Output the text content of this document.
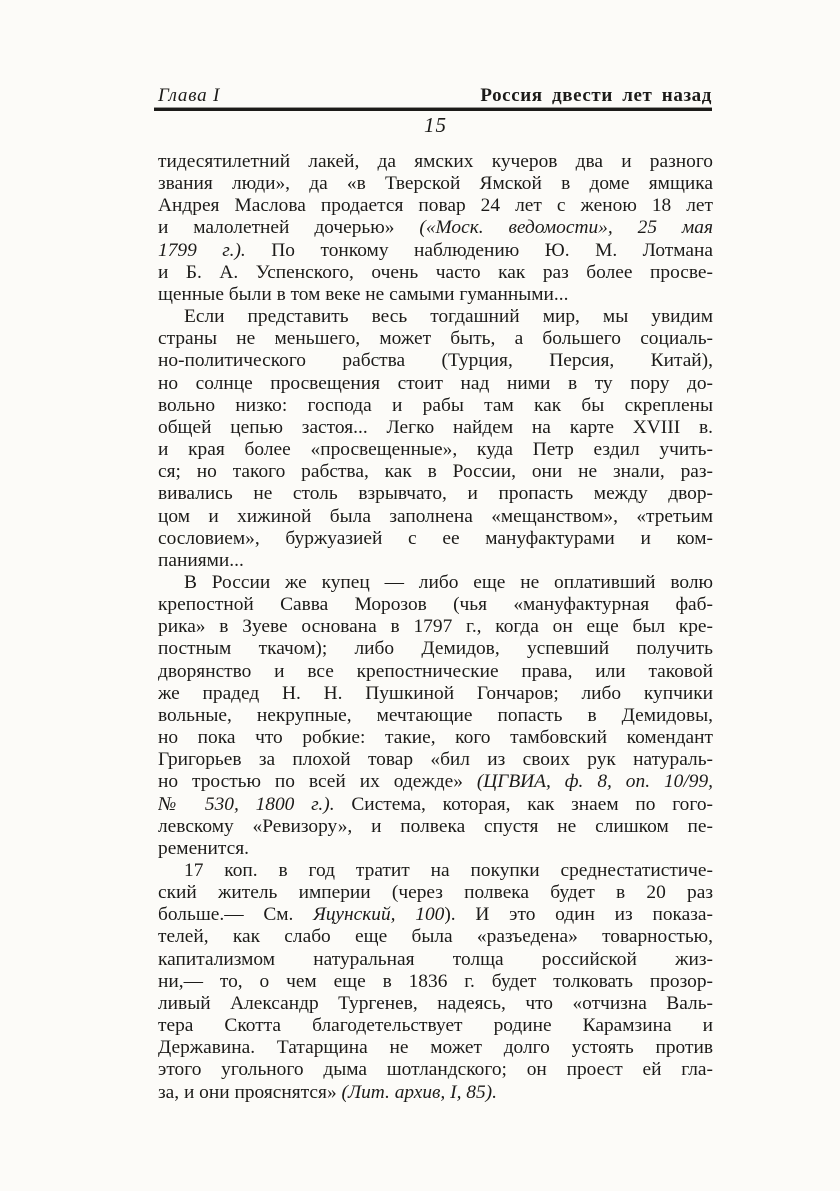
Глава I	Россия двести лет назад
15
тидесятилетний лакей, да ямских кучеров два и разного
звания люди», да «в Тверской Ямской в доме ямщика
Андрея Маслова продается повар 24 лет с женою 18 лет
и малолетней дочерью» («Моск. ведомости», 25 мая
1799 г.). По тонкому наблюдению Ю. М. Лотмана
и Б. А. Успенского, очень часто как раз более просве-
щенные были в том веке не самыми гуманными...
Если представить весь тогдашний мир, мы увидим
страны не меньшего, может быть, а большего социаль-
но-политического рабства (Турция, Персия, Китай),
но солнце просвещения стоит над ними в ту пору до-
вольно низко: господа и рабы там как бы скреплены
общей цепью застоя... Легко найдем на карте XVIII в.
и края более «просвещенные», куда Петр ездил учить-
ся; но такого рабства, как в России, они не знали, раз-
вивались не столь взрывчато, и пропасть между двор-
цом и хижиной была заполнена «мещанством», «третьим
сословием», буржуазией с ее мануфактурами и ком-
паниями...
В России же купец — либо еще не оплативший волю
крепостной Савва Морозов (чья «мануфактурная фаб-
рика» в Зуеве основана в 1797 г., когда он еще был кре-
постным ткачом); либо Демидов, успевший получить
дворянство и все крепостнические права, или таковой
же прадед Н. Н. Пушкиной Гончаров; либо купчики
вольные, некрупные, мечтающие попасть в Демидовы,
но пока что робкие: такие, кого тамбовский комендант
Григорьев за плохой товар «бил из своих рук натураль-
но тростью по всей их одежде» (ЦГВИА, ф. 8, оп. 10/99,
№ 530, 1800 г.). Система, которая, как знаем по гого-
левскому «Ревизору», и полвека спустя не слишком пе-
ременится.
17 коп. в год тратит на покупки среднестатистиче-
ский житель империи (через полвека будет в 20 раз
больше.— См. Яцунский, 100). И это один из показа-
телей, как слабо еще была «разъедена» товарностью,
капитализмом натуральная толща российской жиз-
ни,— то, о чем еще в 1836 г. будет толковать прозор-
ливый Александр Тургенев, надеясь, что «отчизна Валь-
тера Скотта благодетельствует родине Карамзина и
Державина. Татарщина не может долго устоять против
этого угольного дыма шотландского; он проест ей гла-
за, и они прояснятся» (Лит. архив, I, 85).
